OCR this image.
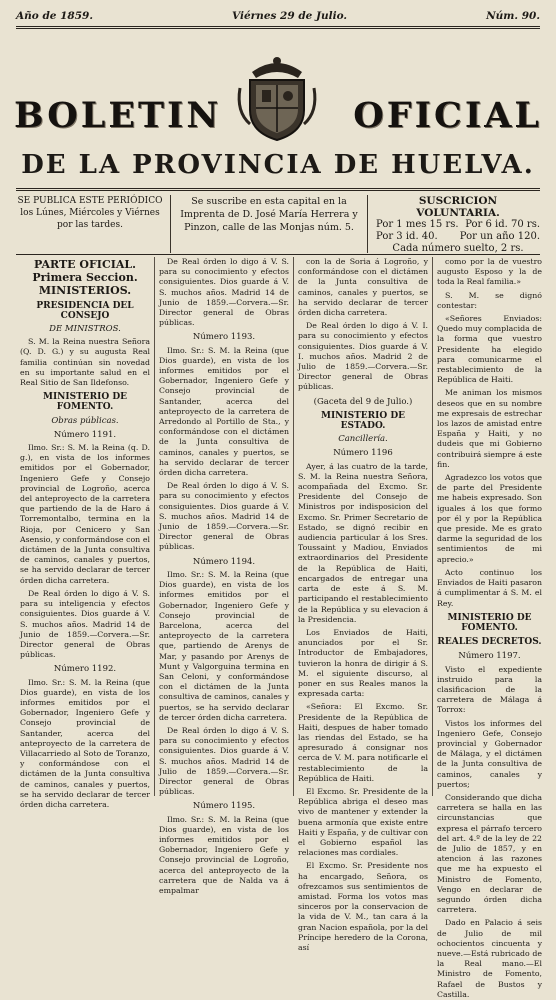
Año de 1859.	Viérnes 29 de Julio.	Núm. 90.
BOLETIN	OFICIAL
DE LA PROVINCIA DE HUELVA.
SE PUBLICA ESTE PERIÓDICO los Lúnes, Miércoles y Viérnes por las tardes.
Se suscribe en esta capital en la Imprenta de D. José María Herrera y Pinzon, calle de las Monjas núm. 5.
SUSCRICION VOLUNTARIA.
Por 1 mes 15 rs. Por 6 id. 70 rs.
Por 3 id. 40. Por un año 120.
Cada número suelto, 2 rs.
PARTE OFICIAL.
Primera Seccion.
MINISTERIOS.
PRESIDENCIA DEL CONSEJO
DE MINISTROS.

S. M. la Reina nuestra Señora (Q. D. G.) y su augusta Real familia continúan sin novedad en su importante salud en el Real Sitio de San Ildefonso.

MINISTERIO DE FOMENTO.
Obras públicas.
Número 1191.

Ilmo. Sr.: S. M. la Reina (q. D. g.), en vista de los informes emitidos por el Gobernador, Ingeniero Gefe y Consejo provincial de Logroño, acerca del anteproyecto de la carretera que partiendo de la de Haro á Torremontalbo, termina en la Rioja, por Cenicero y San Asensio, y conformándose con el dictámen de la Junta consultiva de caminos, canales y puertos, se ha servido declarar de tercer órden dicha carretera.

De Real órden lo digo á V. S. para su inteligencia y efectos consiguientes. Dios guarde á V. S. muchos años. Madrid 14 de Junio de 1859.—Corvera.—Sr. Director general de Obras públicas.

Número 1192.

Ilmo. Sr.: S. M. la Reina (que Dios guarde), en vista de los informes emitidos por el Gobernador, Ingeniero Gefe y Consejo provincial de Santander, acerca del anteproyecto de la carretera de Villacarriedo al Soto de Toranzo, y conformándose con el dictámen de la Junta consultiva de caminos, canales y puertos, se ha servido declarar de tercer órden dicha carretera.

De Real órden lo digo á V. S. para su conocimiento y efectos consiguientes. Dios guarde á V. S. muchos años. Madrid 14 de Junio de 1859.—Corvera.—Sr. Director general de Obras públicas.

Número 1193.

Ilmo. Sr.: S. M. la Reina (que Dios guarde), en vista de los informes emitidos por el Gobernador, Ingeniero Gefe y Consejo provincial de Santander, acerca del anteproyecto de la carretera de Arredondo al Portillo de Sta., y conformándose con el dictámen de la Junta consultiva de caminos, canales y puertos, se ha servido declarar de tercer órden dicha carretera.

De Real órden lo digo á V. S. para su conocimiento y efectos consiguientes. Dios guarde á V. S. muchos años. Madrid 14 de Junio de 1859.—Corvera.—Sr. Director general de Obras públicas.

Número 1194.

Ilmo. Sr.: S. M. la Reina (que Dios guarde), en vista de los informes emitidos por el Gobernador, Ingeniero Gefe y Consejo provincial de Barcelona, acerca del anteproyecto de la carretera que, partiendo de Arenys de Mar, y pasando por Arenys de Munt y Valgorguina termina en San Celoni, y conformándose con el dictámen de la Junta consultiva de caminos, canales y puertos, se ha servido declarar de tercer órden dicha carretera.

De Real órden lo digo á V. S. para su conocimiento y efectos consiguientes. Dios guarde á V. S. muchos años. Madrid 14 de Julio de 1859.—Corvera.—Sr. Director general de Obras públicas.

Número 1195.

Ilmo. Sr.: S. M. la Reina (que Dios guarde), en vista de los informes emitidos por el Gobernador, Ingeniero Gefe y Consejo provincial de Logroño, acerca del anteproyecto de la carretera que de Nalda va á empalmar

con la de Soria á Logroño, y conformándose con el dictámen de la Junta consultiva de caminos, canales y puertos, se ha servido declarar de tercer órden dicha carretera.

De Real órden lo digo á V. I. para su conocimiento y efectos consiguientes. Dios guarde á V. I. muchos años. Madrid 2 de Julio de 1859.—Corvera.—Sr. Director general de Obras públicas.

(Gaceta del 9 de Julio.)
MINISTERIO DE ESTADO.
Cancillería.
Número 1196

Ayer, á las cuatro de la tarde, S. M. la Reina nuestra Señora, acompañada del Excmo. Sr. Presidente del Consejo de Ministros por indisposicion del Excmo. Sr. Primer Secretario de Estado, se dignó recibir en audiencia particular á los Sres. Toussaint y Madiou, Enviados extraordinarios del Presidente de la República de Haiti, encargados de entregar una carta de este á S. M. participando el restablecimiento de la República y su elevacion á la Presidencia.

Los Enviados de Haiti, anunciados por el Sr. Introductor de Embajadores, tuvieron la honra de dirigir á S. M. el siguiente discurso, al poner en sus Reales manos la expresada carta:

«Señora: El Excmo. Sr. Presidente de la República de Haiti, despues de haber tomado las riendas del Estado, se ha apresurado á consignar nos cerca de V. M. para notificarle el restablecimiento de la República de Haiti.

El Excmo. Sr. Presidente de la República abriga el deseo mas vivo de mantener y extender la buena armonía que existe entre Haiti y España, y de cultivar con el Gobierno español las relaciones mas cordiales.

El Excmo. Sr. Presidente nos ha encargado, Señora, os ofrezcamos sus sentimientos de amistad. Forma los votos mas sinceros por la conservacion de la vida de V. M., tan cara á la gran Nacion española, por la del Príncipe heredero de la Corona, así

como por la de vuestro augusto Esposo y la de toda la Real familia.»

S. M. se dignó contestar:

«Señores Enviados: Quedo muy complacida de la forma que vuestro Presidente ha elegido para comunicarme el restablecimiento de la República de Haiti.

Me animan los mismos deseos que en su nombre me expresais de estrechar los lazos de amistad entre España y Haiti, y no dudeis que mi Gobierno contribuirá siempre á este fin.

Agradezco los votos que de parte del Presidente me habeis expresado. Son iguales á los que formo por él y por la República que preside. Me es grato darme la seguridad de los sentimientos de mi aprecio.»

Acto continuo los Enviados de Haiti pasaron á cumplimentar á S. M. el Rey.

MINISTERIO DE FOMENTO.
REALES DECRETOS.
Número 1197.

Visto el expediente instruido para la clasificacion de la carretera de Málaga á Torrox:

Vistos los informes del Ingeniero Gefe, Consejo provincial y Gobernador de Málaga, y el dictámen de la Junta consultiva de caminos, canales y puertos;

Considerando que dicha carretera se halla en las circunstancias que expresa el párrafo tercero del art. 4.º de la ley de 22 de Julio de 1857, y en atencion á las razones que me ha expuesto el Ministro de Fomento, Vengo en declarar de segundo órden dicha carretera.

Dado en Palacio á seis de Julio de mil ochocientos cincuenta y nueve.—Está rubricado de la Real mano.—El Ministro de Fomento, Rafael de Bustos y Castilla.
